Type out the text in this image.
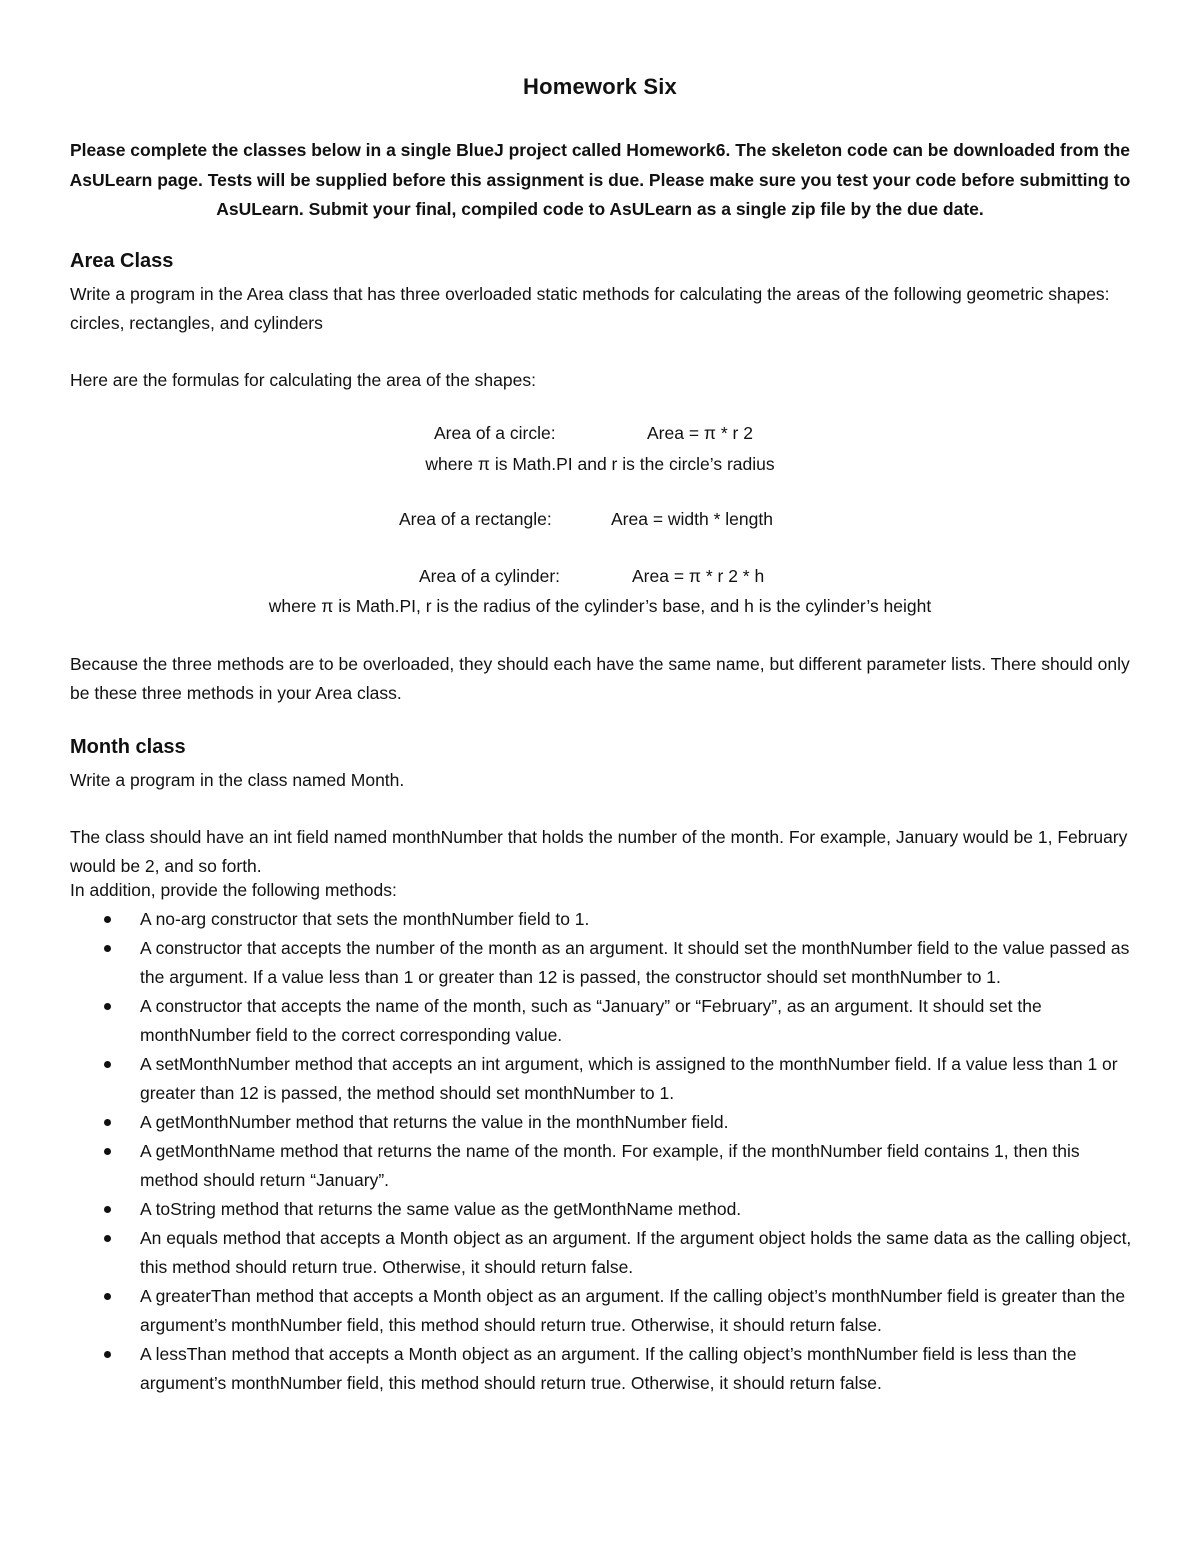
Homework Six
Please complete the classes below in a single BlueJ project called Homework6. The skeleton code can be downloaded from the AsULearn page. Tests will be supplied before this assignment is due. Please make sure you test your code before submitting to AsULearn. Submit your final, compiled code to AsULearn as a single zip file by the due date.
Area Class
Write a program in the Area class that has three overloaded static methods for calculating the areas of the following geometric shapes: circles, rectangles, and cylinders
Here are the formulas for calculating the area of the shapes:
Area of a circle:	Area = π * r 2
where π is Math.PI and r is the circle’s radius
Area of a rectangle:	Area = width * length
Area of a cylinder:	Area = π * r 2 * h
where π is Math.PI, r is the radius of the cylinder’s base, and h is the cylinder’s height
Because the three methods are to be overloaded, they should each have the same name, but different parameter lists. There should only be these three methods in your Area class.
Month class
Write a program in the class named Month.
The class should have an int field named monthNumber that holds the number of the month. For example, January would be 1, February would be 2, and so forth.
In addition, provide the following methods:
A no-arg constructor that sets the monthNumber field to 1.
A constructor that accepts the number of the month as an argument. It should set the monthNumber field to the value passed as the argument. If a value less than 1 or greater than 12 is passed, the constructor should set monthNumber to 1.
A constructor that accepts the name of the month, such as “January” or “February”, as an argument. It should set the monthNumber field to the correct corresponding value.
A setMonthNumber method that accepts an int argument, which is assigned to the monthNumber field. If a value less than 1 or greater than 12 is passed, the method should set monthNumber to 1.
A getMonthNumber method that returns the value in the monthNumber field.
A getMonthName method that returns the name of the month. For example, if the monthNumber field contains 1, then this method should return “January”.
A toString method that returns the same value as the getMonthName method.
An equals method that accepts a Month object as an argument. If the argument object holds the same data as the calling object, this method should return true. Otherwise, it should return false.
A greaterThan method that accepts a Month object as an argument. If the calling object’s monthNumber field is greater than the argument’s monthNumber field, this method should return true. Otherwise, it should return false.
A lessThan method that accepts a Month object as an argument. If the calling object’s monthNumber field is less than the argument’s monthNumber field, this method should return true. Otherwise, it should return false.
